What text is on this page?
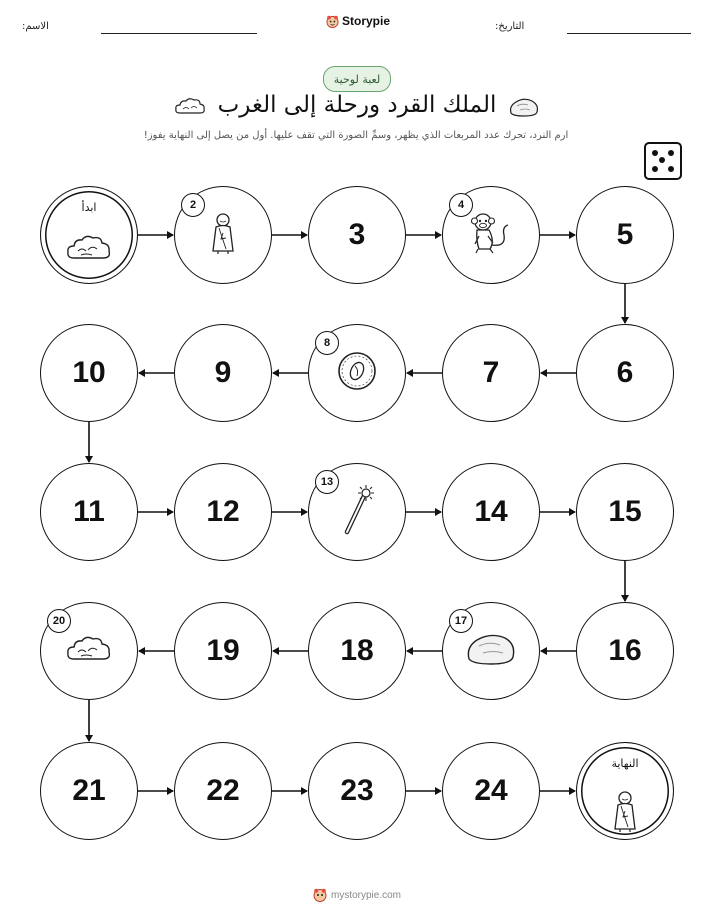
الاسم:	Storypie	التاريخ:
لعبة لوحية
الملك القرد ورحلة إلى الغرب
ارم النرد، تحرك عدد المربعات الذي يظهر، وسمِّ الصورة التي تقف عليها. أول من يصل إلى النهاية يفوز!
ابدأ	2
3
4
5
6
7
8
9
10
11	12
13
14	15
16
17
18
19
20
21	22	23	24
النهاية
mystorypie.com
